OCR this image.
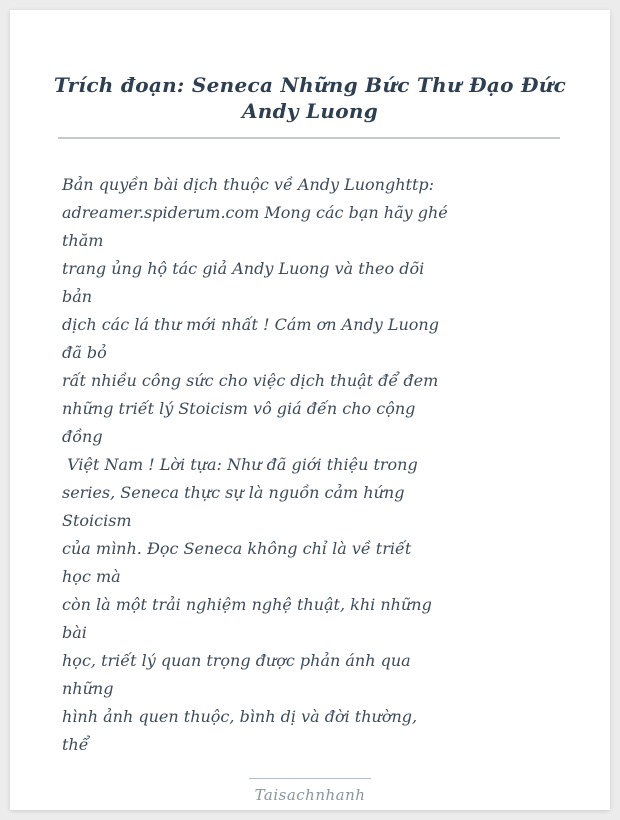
Trích đoạn: Seneca Những Bức Thư Đạo Đức Andy Luong

Bản quyền bài dịch thuộc về Andy Luonghttp:

adreamer.spiderum.com Mong các bạn hãy ghé

thăm

trang ủng hộ tác giả Andy Luong và theo dõi

bản

dịch các lá thư mới nhất ! Cám ơn Andy Luong

đã bỏ

rất nhiều công sức cho việc dịch thuật để đem

những triết lý Stoicism vô giá đến cho cộng

đồng

Việt Nam ! Lời tựa: Như đã giới thiệu trong

series, Seneca thực sự là nguồn cảm hứng

Stoicism

của mình. Đọc Seneca không chỉ là về triết

học mà

còn là một trải nghiệm nghệ thuật, khi những

bài

học, triết lý quan trọng được phản ánh qua

những

hình ảnh quen thuộc, bình dị và đời thường,

thể

Taisachnhanh
